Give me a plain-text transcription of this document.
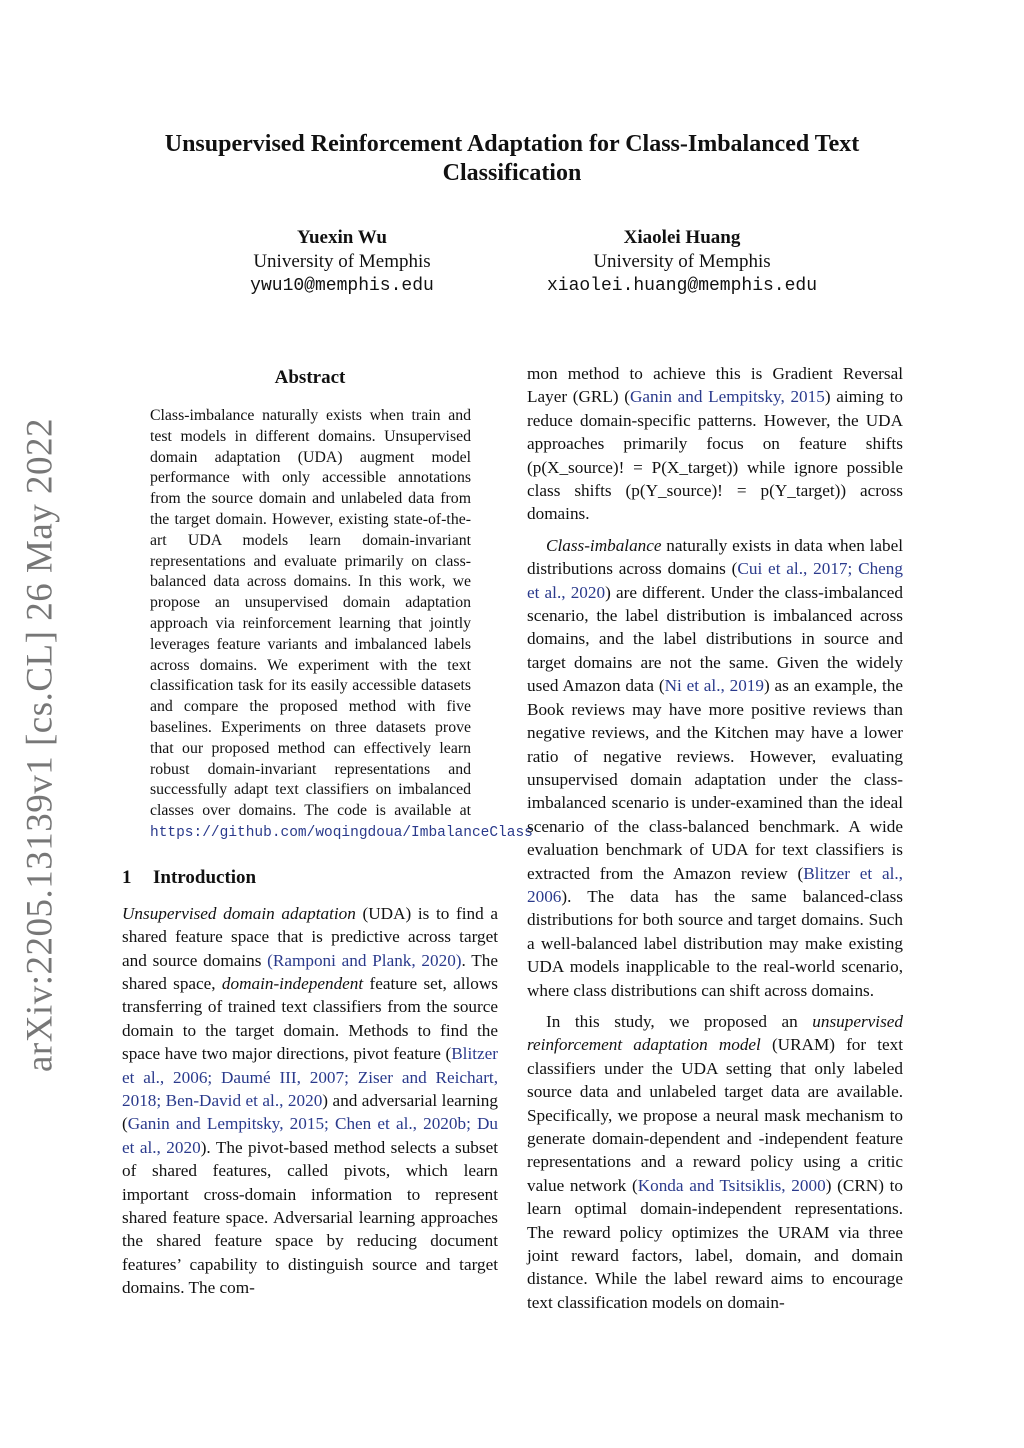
arXiv:2205.13139v1 [cs.CL] 26 May 2022
Unsupervised Reinforcement Adaptation for Class-Imbalanced Text Classification
Yuexin Wu
University of Memphis
ywu10@memphis.edu
Xiaolei Huang
University of Memphis
xiaolei.huang@memphis.edu
Abstract
Class-imbalance naturally exists when train and test models in different domains. Unsupervised domain adaptation (UDA) augment model performance with only accessible annotations from the source domain and unlabeled data from the target domain. However, existing state-of-the-art UDA models learn domain-invariant representations and evaluate primarily on class-balanced data across domains. In this work, we propose an unsupervised domain adaptation approach via reinforcement learning that jointly leverages feature variants and imbalanced labels across domains. We experiment with the text classification task for its easily accessible datasets and compare the proposed method with five baselines. Experiments on three datasets prove that our proposed method can effectively learn robust domain-invariant representations and successfully adapt text classifiers on imbalanced classes over domains. The code is available at https://github.com/woqingdoua/ImbalanceClass
1 Introduction

Unsupervised domain adaptation (UDA) is to find a shared feature space that is predictive across target and source domains (Ramponi and Plank, 2020). The shared space, domain-independent feature set, allows transferring of trained text classifiers from the source domain to the target domain. Methods to find the space have two major directions, pivot feature (Blitzer et al., 2006; Daumé III, 2007; Ziser and Reichart, 2018; Ben-David et al., 2020) and adversarial learning (Ganin and Lempitsky, 2015; Chen et al., 2020b; Du et al., 2020). The pivot-based method selects a subset of shared features, called pivots, which learn important cross-domain information to represent shared feature space. Adversarial learning approaches the shared feature space by reducing document features’ capability to distinguish source and target domains. The com-

mon method to achieve this is Gradient Reversal Layer (GRL) (Ganin and Lempitsky, 2015) aiming to reduce domain-specific patterns. However, the UDA approaches primarily focus on feature shifts (p(X_source)! = P(X_target)) while ignore possible class shifts (p(Y_source)! = p(Y_target)) across domains.

Class-imbalance naturally exists in data when label distributions across domains (Cui et al., 2017; Cheng et al., 2020) are different. Under the class-imbalanced scenario, the label distribution is imbalanced across domains, and the label distributions in source and target domains are not the same. Given the widely used Amazon data (Ni et al., 2019) as an example, the Book reviews may have more positive reviews than negative reviews, and the Kitchen may have a lower ratio of negative reviews. However, evaluating unsupervised domain adaptation under the class-imbalanced scenario is under-examined than the ideal scenario of the class-balanced benchmark. A wide evaluation benchmark of UDA for text classifiers is extracted from the Amazon review (Blitzer et al., 2006). The data has the same balanced-class distributions for both source and target domains. Such a well-balanced label distribution may make existing UDA models inapplicable to the real-world scenario, where class distributions can shift across domains.

In this study, we proposed an unsupervised reinforcement adaptation model (URAM) for text classifiers under the UDA setting that only labeled source data and unlabeled target data are available. Specifically, we propose a neural mask mechanism to generate domain-dependent and -independent feature representations and a reward policy using a critic value network (Konda and Tsitsiklis, 2000) (CRN) to learn optimal domain-independent representations. The reward policy optimizes the URAM via three joint reward factors, label, domain, and domain distance. While the label reward aims to encourage text classification models on domain-
